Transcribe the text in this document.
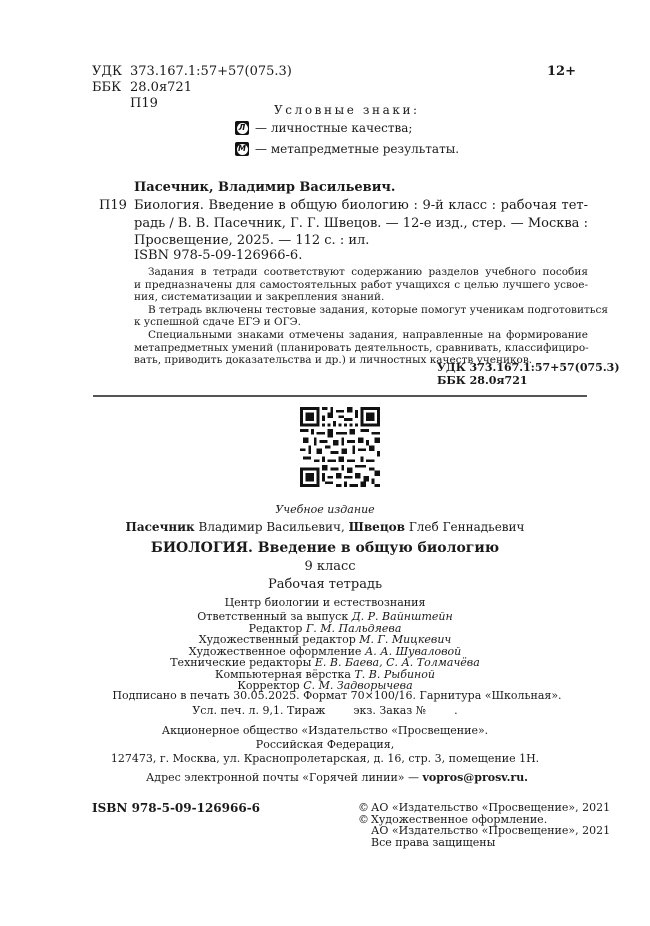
УДК 373.167.1:57+57(075.3)
ББК 28.0я721
П19
12+
Условные знаки:
Л — личностные качества;
М — метапредметные результаты.
Пасечник, Владимир Васильевич.
П19 Биология. Введение в общую биологию : 9-й класс : рабочая тет-
радь / В. В. Пасечник, Г. Г. Швецов. — 12-е изд., стер. — Москва :
Просвещение, 2025. — 112 с. : ил.
ISBN 978-5-09-126966-6.
Задания в тетради соответствуют содержанию разделов учебного пособия
и предназначены для самостоятельных работ учащихся с целью лучшего усвое-
ния, систематизации и закрепления знаний.
В тетрадь включены тестовые задания, которые помогут ученикам подготовиться
к успешной сдаче ЕГЭ и ОГЭ.
Специальными знаками отмечены задания, направленные на формирование
метапредметных умений (планировать деятельность, сравнивать, классифициро-
вать, приводить доказательства и др.) и личностных качеств учеников.
УДК 373.167.1:57+57(075.3)
ББК 28.0я721
Учебное издание
Пасечник Владимир Васильевич, Швецов Глеб Геннадьевич
БИОЛОГИЯ. Введение в общую биологию
9 класс
Рабочая тетрадь
Центр биологии и естествознания
Ответственный за выпуск Д. Р. Вайнштейн
Редактор Г. М. Пальдяева
Художественный редактор М. Г. Мицкевич
Художественное оформление А. А. Шуваловой
Технические редакторы Е. В. Баева, С. А. Толмачёва
Компьютерная вёрстка Т. В. Рыбиной
Корректор С. М. Задворычева
Подписано в печать 30.05.2025. Формат 70×100/16. Гарнитура «Школьная».
Усл. печ. л. 9,1. Тираж        экз. Заказ №        .
Акционерное общество «Издательство «Просвещение».
Российская Федерация,
127473, г. Москва, ул. Краснопролетарская, д. 16, стр. 3, помещение 1Н.
Адрес электронной почты «Горячей линии» — vopros@prosv.ru.
ISBN 978-5-09-126966-6	© АО «Издательство «Просвещение», 2021
© Художественное оформление.
АО «Издательство «Просвещение», 2021
Все права защищены
